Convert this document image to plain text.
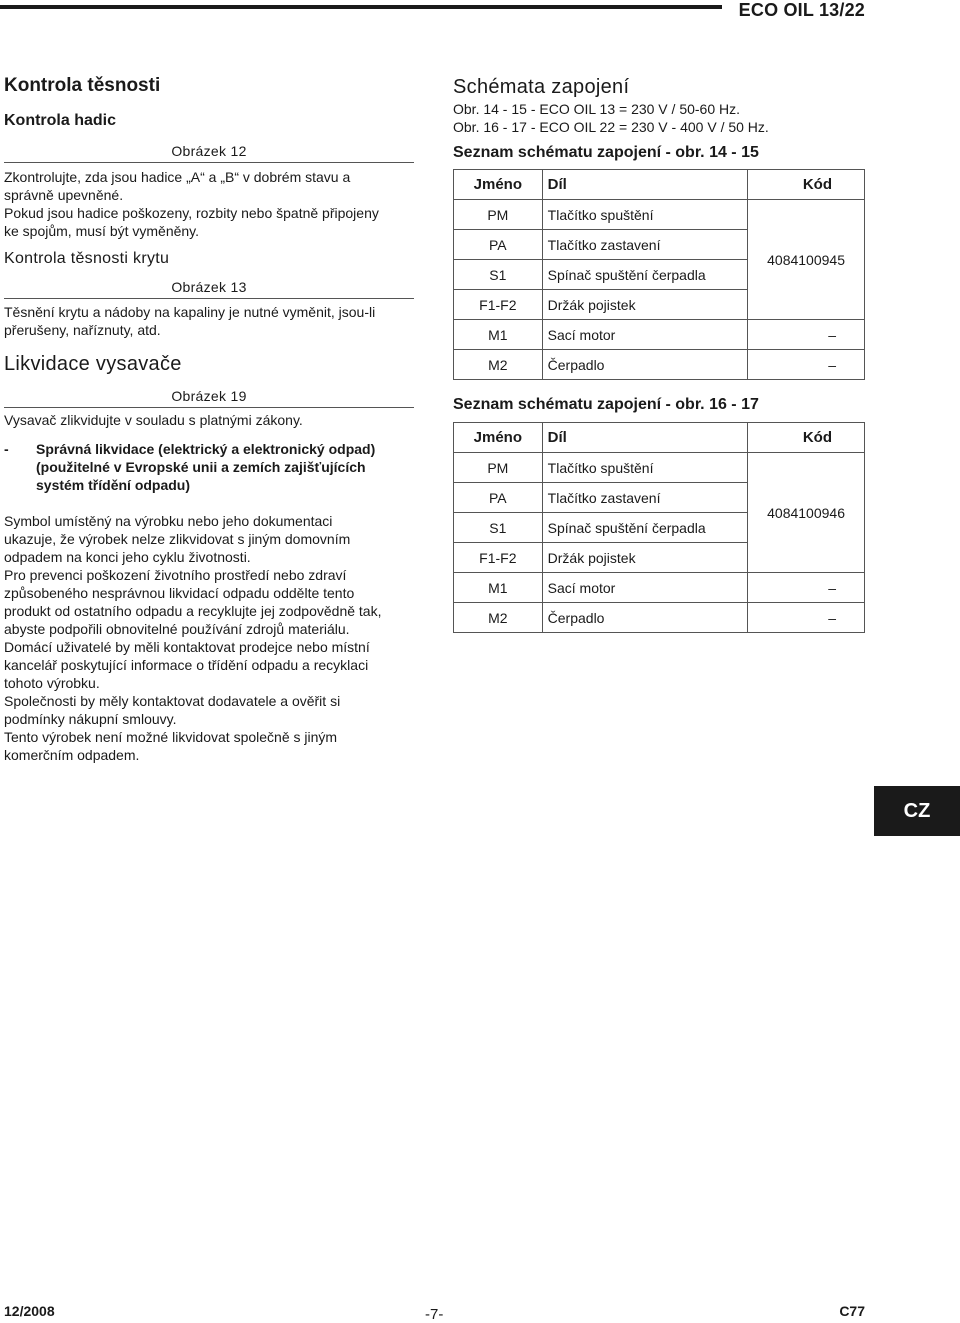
ECO OIL 13/22
Kontrola těsnosti
Kontrola hadic
Obrázek 12
Zkontrolujte, zda jsou hadice „A“ a „B“ v dobrém stavu a
správně upevněné.
Pokud jsou hadice poškozeny, rozbity nebo špatně připojeny
ke spojům, musí být vyměněny.
Kontrola těsnosti krytu
Obrázek 13
Těsnění krytu a nádoby na kapaliny je nutné vyměnit, jsou-li
přerušeny, naříznuty, atd.
Likvidace vysavače
Obrázek 19
Vysavač zlikvidujte v souladu s platnými zákony.
-	Správná likvidace (elektrický a elektronický odpad)
(použitelné v Evropské unii a zemích zajišťujících
systém třídění odpadu)
Symbol umístěný na výrobku nebo jeho dokumentaci
ukazuje, že výrobek nelze zlikvidovat s jiným domovním
odpadem na konci jeho cyklu životnosti.
Pro prevenci poškození životního prostředí nebo zdraví
způsobeného nesprávnou likvidací odpadu oddělte tento
produkt od ostatního odpadu a recyklujte jej zodpovědně tak,
abyste podpořili obnovitelné používání zdrojů materiálu.
Domácí uživatelé by měli kontaktovat prodejce nebo místní
kancelář poskytující informace o třídění odpadu a recyklaci
tohoto výrobku.
Společnosti by měly kontaktovat dodavatele a ověřit si
podmínky nákupní smlouvy.
Tento výrobek není možné likvidovat společně s jiným
komerčním odpadem.
Schémata zapojení
Obr. 14 - 15 - ECO OIL 13 = 230 V / 50-60 Hz.
Obr. 16 - 17 - ECO OIL 22 = 230 V - 400 V / 50 Hz.
Seznam schématu zapojení - obr. 14 - 15
Jméno	Díl	Kód
PM	Tlačítko spuštění	4084100945
PA	Tlačítko zastavení	
S1	Spínač spuštění čerpadla	
F1-F2	Držák pojistek	
M1	Sací motor	–
M2	Čerpadlo	–
Seznam schématu zapojení - obr. 16 - 17
Jméno	Díl	Kód
PM	Tlačítko spuštění	4084100946
PA	Tlačítko zastavení	
S1	Spínač spuštění čerpadla	
F1-F2	Držák pojistek	
M1	Sací motor	–
M2	Čerpadlo	–
CZ
12/2008	-7-	C77
